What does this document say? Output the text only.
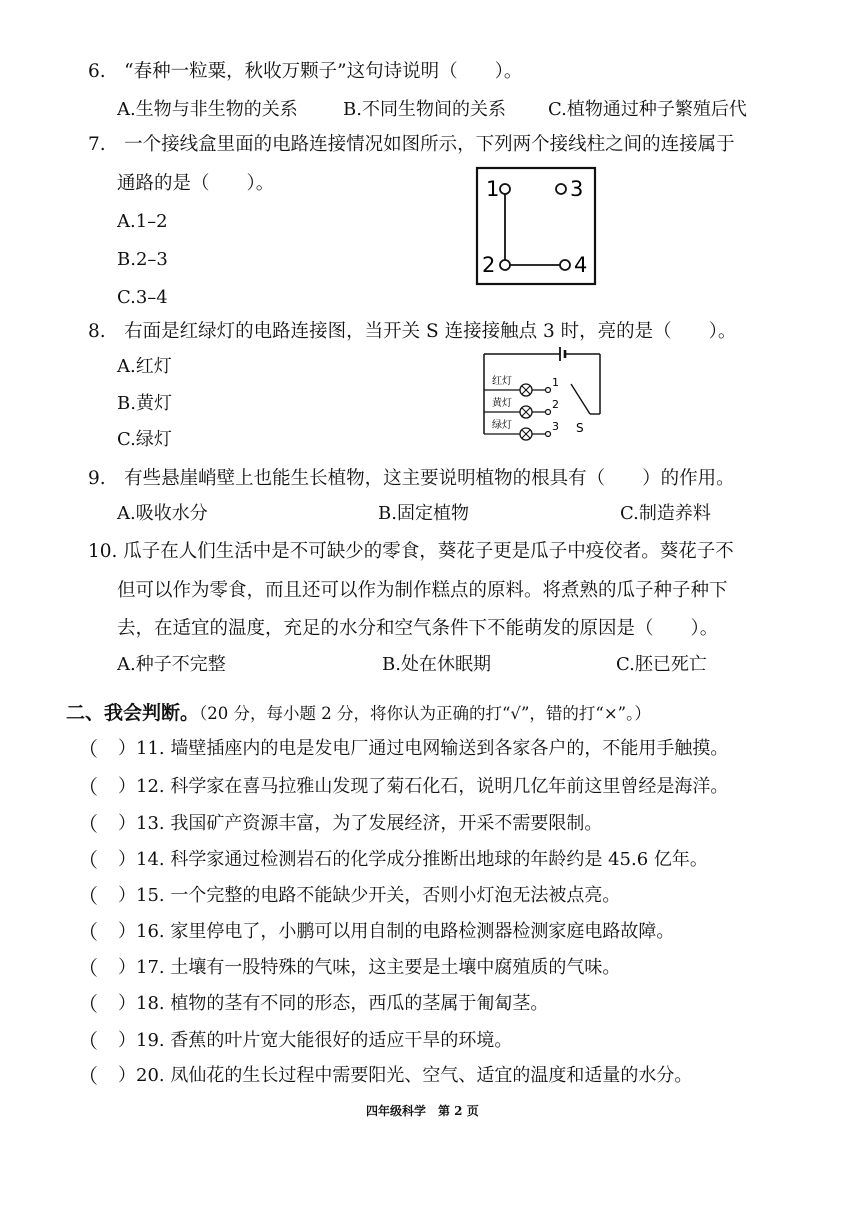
6.　“春种一粒粟，秋收万颗子”这句诗说明（　　）。
A.生物与非生物的关系	B.不同生物间的关系 C.植物通过种子繁殖后代
7.　一个接线盒里面的电路连接情况如图所示，下列两个接线柱之间的连接属于
通路的是（　　）。
A.1–2
B.2–3
C.3–4
1	3
2	4
8.　右面是红绿灯的电路连接图，当开关 S 连接接触点 3 时，亮的是（　　）。
A.红灯
B.黄灯
C.绿灯
红灯
黄灯
绿灯
1
2
3 S
9.　有些悬崖峭壁上也能生长植物，这主要说明植物的根具有（　　）的作用。
A.吸收水分	B.固定植物	C.制造养料
10. 瓜子在人们生活中是不可缺少的零食，葵花子更是瓜子中疫佼者。葵花子不
但可以作为零食，而且还可以作为制作糕点的原料。将煮熟的瓜子种子种下
去，在适宜的温度，充足的水分和空气条件下不能萌发的原因是（　　）。
A.种子不完整	B.处在休眠期	C.胚已死亡
二、我会判断。（20 分，每小题 2 分，将你认为正确的打“√”，错的打“×”。）
（ ）11. 墙壁插座内的电是发电厂通过电网输送到各家各户的，不能用手触摸。
（ ）12. 科学家在喜马拉雅山发现了菊石化石，说明几亿年前这里曾经是海洋。
（ ）13. 我国矿产资源丰富，为了发展经济，开采不需要限制。
（ ）14. 科学家通过检测岩石的化学成分推断出地球的年龄约是 45.6 亿年。
（ ）15. 一个完整的电路不能缺少开关，否则小灯泡无法被点亮。
（ ）16. 家里停电了，小鹏可以用自制的电路检测器检测家庭电路故障。
（ ）17. 土壤有一股特殊的气味，这主要是土壤中腐殖质的气味。
（ ）18. 植物的茎有不同的形态，西瓜的茎属于匍匐茎。
（ ）19. 香蕉的叶片宽大能很好的适应干旱的环境。
（ ）20. 凤仙花的生长过程中需要阳光、空气、适宜的温度和适量的水分。
四年级科学　第 2 页
